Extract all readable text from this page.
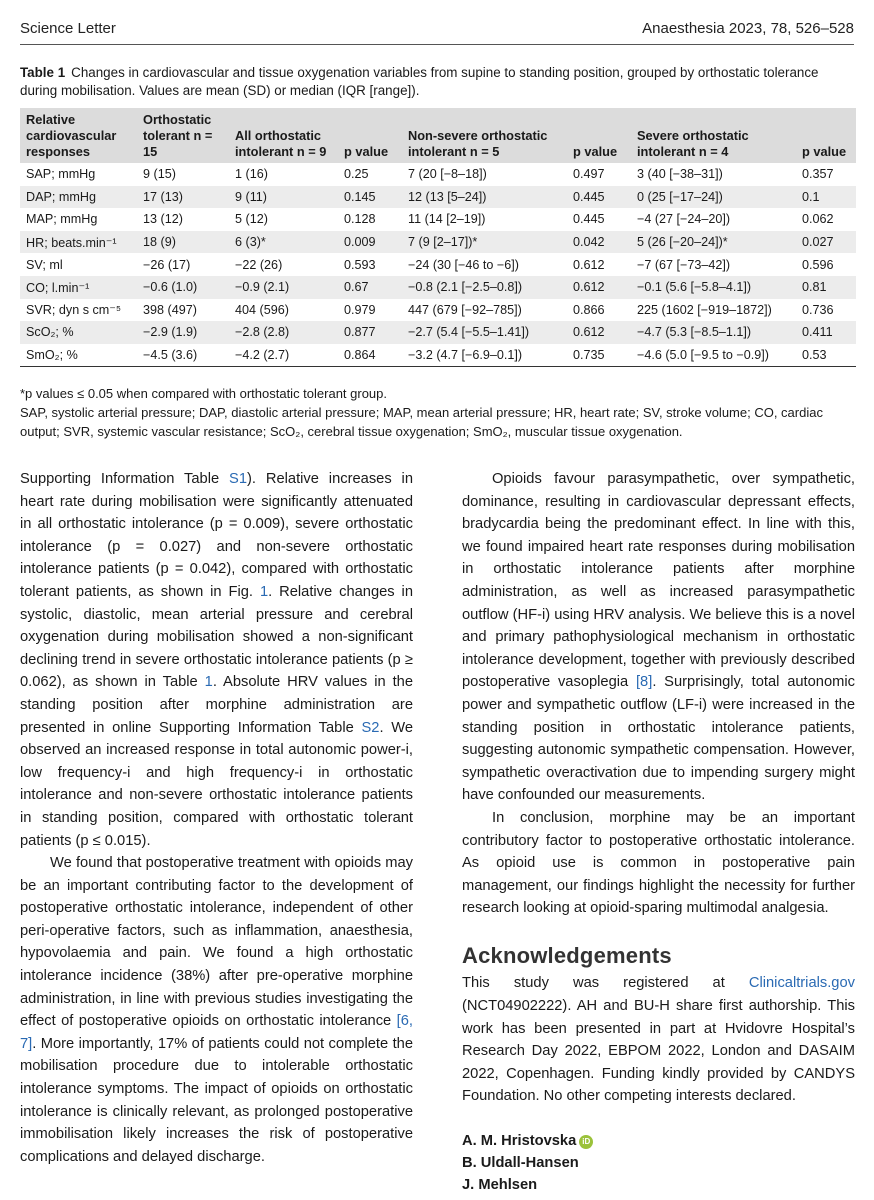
Science Letter	Anaesthesia 2023, 78, 526–528
Table 1 Changes in cardiovascular and tissue oxygenation variables from supine to standing position, grouped by orthostatic tolerance during mobilisation. Values are mean (SD) or median (IQR [range]).
Relative cardiovascular responses	Orthostatic tolerant n = 15	All orthostatic intolerant n = 9	p value	Non-severe orthostatic intolerant n = 5	p value	Severe orthostatic intolerant n = 4	p value
SAP; mmHg	9 (15)	1 (16)	0.25	7 (20 [−8–18])	0.497	3 (40 [−38–31])	0.357
DAP; mmHg	17 (13)	9 (11)	0.145	12 (13 [5–24])	0.445	0 (25 [−17–24])	0.1
MAP; mmHg	13 (12)	5 (12)	0.128	11 (14 [2–19])	0.445	−4 (27 [−24–20])	0.062
HR; beats.min⁻¹	18 (9)	6 (3)*	0.009	7 (9 [2–17])*	0.042	5 (26 [−20–24])*	0.027
SV; ml	−26 (17)	−22 (26)	0.593	−24 (30 [−46 to −6])	0.612	−7 (67 [−73–42])	0.596
CO; l.min⁻¹	−0.6 (1.0)	−0.9 (2.1)	0.67	−0.8 (2.1 [−2.5–0.8])	0.612	−0.1 (5.6 [−5.8–4.1])	0.81
SVR; dyn s cm⁻⁵	398 (497)	404 (596)	0.979	447 (679 [−92–785])	0.866	225 (1602 [−919–1872])	0.736
ScO₂; %	−2.9 (1.9)	−2.8 (2.8)	0.877	−2.7 (5.4 [−5.5–1.41])	0.612	−4.7 (5.3 [−8.5–1.1])	0.411
SmO₂; %	−4.5 (3.6)	−4.2 (2.7)	0.864	−3.2 (4.7 [−6.9–0.1])	0.735	−4.6 (5.0 [−9.5 to −0.9])	0.53
*p values ≤ 0.05 when compared with orthostatic tolerant group.
SAP, systolic arterial pressure; DAP, diastolic arterial pressure; MAP, mean arterial pressure; HR, heart rate; SV, stroke volume; CO, cardiac output; SVR, systemic vascular resistance; ScO₂, cerebral tissue oxygenation; SmO₂, muscular tissue oxygenation.

Supporting Information Table S1). Relative increases in heart rate during mobilisation were significantly attenuated in all orthostatic intolerance (p = 0.009), severe orthostatic intolerance (p = 0.027) and non-severe orthostatic intolerance patients (p = 0.042), compared with orthostatic tolerant patients, as shown in Fig. 1. Relative changes in systolic, diastolic, mean arterial pressure and cerebral oxygenation during mobilisation showed a non-significant declining trend in severe orthostatic intolerance patients (p ≥ 0.062), as shown in Table 1. Absolute HRV values in the standing position after morphine administration are presented in online Supporting Information Table S2. We observed an increased response in total autonomic power-i, low frequency-i and high frequency-i in orthostatic intolerance and non-severe orthostatic intolerance patients in standing position, compared with orthostatic tolerant patients (p ≤ 0.015).

We found that postoperative treatment with opioids may be an important contributing factor to the development of postoperative orthostatic intolerance, independent of other peri-operative factors, such as inflammation, anaesthesia, hypovolaemia and pain. We found a high orthostatic intolerance incidence (38%) after pre-operative morphine administration, in line with previous studies investigating the effect of postoperative opioids on orthostatic intolerance [6, 7]. More importantly, 17% of patients could not complete the mobilisation procedure due to intolerable orthostatic intolerance symptoms. The impact of opioids on orthostatic intolerance is clinically relevant, as prolonged postoperative immobilisation likely increases the risk of postoperative complications and delayed discharge.

Opioids favour parasympathetic, over sympathetic, dominance, resulting in cardiovascular depressant effects, bradycardia being the predominant effect. In line with this, we found impaired heart rate responses during mobilisation in orthostatic intolerance patients after morphine administration, as well as increased parasympathetic outflow (HF-i) using HRV analysis. We believe this is a novel and primary pathophysiological mechanism in orthostatic intolerance development, together with previously described postoperative vasoplegia [8]. Surprisingly, total autonomic power and sympathetic outflow (LF-i) were increased in the standing position in orthostatic intolerance patients, suggesting autonomic sympathetic compensation. However, sympathetic overactivation due to impending surgery might have confounded our measurements.

In conclusion, morphine may be an important contributory factor to postoperative orthostatic intolerance. As opioid use is common in postoperative pain management, our findings highlight the necessity for further research looking at opioid-sparing multimodal analgesia.

Acknowledgements

This study was registered at Clinicaltrials.gov (NCT04902222). AH and BU-H share first authorship. This work has been presented in part at Hvidovre Hospital’s Research Day 2022, EBPOM 2022, London and DASAIM 2022, Copenhagen. Funding kindly provided by CANDYS Foundation. No other competing interests declared.

A. M. Hristovska iD
B. Uldall-Hansen
J. Mehlsen
